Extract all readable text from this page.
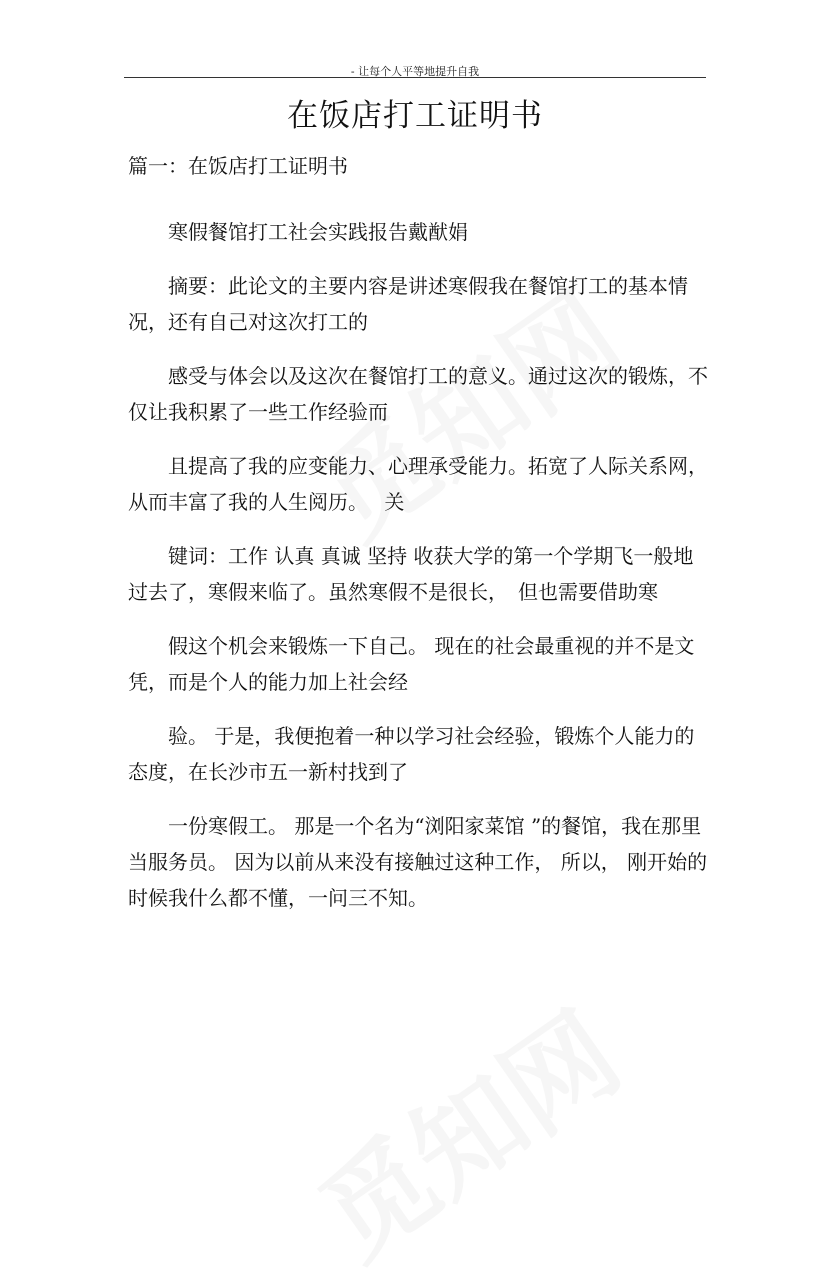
- 让每个人平等地提升自我
在饭店打工证明书

篇一：在饭店打工证明书

寒假餐馆打工社会实践报告戴猷娟

摘要：此论文的主要内容是讲述寒假我在餐馆打工的基本情况，还有自己对这次打工的

感受与体会以及这次在餐馆打工的意义。通过这次的锻炼，不仅让我积累了一些工作经验而

且提高了我的应变能力、心理承受能力。拓宽了人际关系网，从而丰富了我的人生阅历。　 关

键词：工作 认真 真诚 坚持 收获大学的第一个学期飞一般地过去了，寒假来临了。虽然寒假不是很长，　但也需要借助寒

假这个机会来锻炼一下自己。 现在的社会最重视的并不是文凭，而是个人的能力加上社会经

验。 于是，我便抱着一种以学习社会经验，锻炼个人能力的态度，在长沙市五一新村找到了

一份寒假工。 那是一个名为“浏阳家菜馆 ”的餐馆，我在那里当服务员。 因为以前从来没有接触过这种工作， 所以， 刚开始的时候我什么都不懂，一问三不知。
